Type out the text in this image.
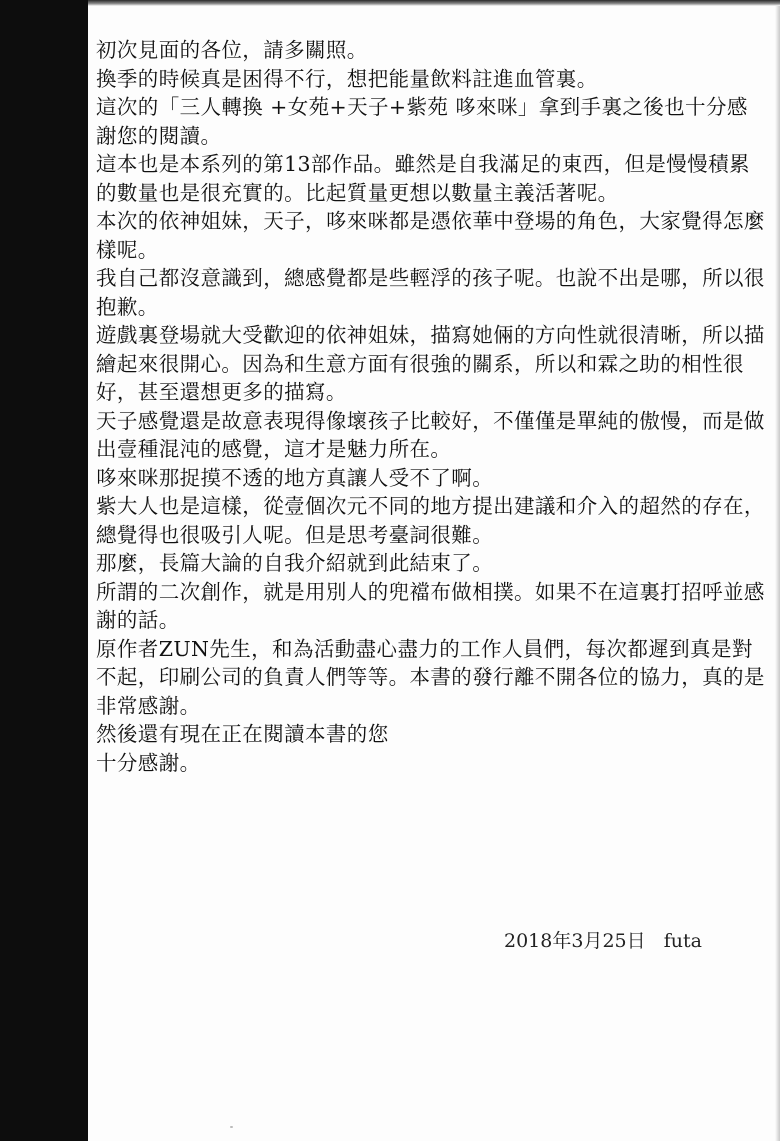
初次見面的各位，請多關照。

換季的時候真是困得不行，想把能量飲料註進血管裏。

這次的「三人轉換 +女苑+天子+紫苑 哆來咪」拿到手裏之後也十分感謝您的閱讀。

這本也是本系列的第13部作品。雖然是自我滿足的東西，但是慢慢積累的數量也是很充實的。比起質量更想以數量主義活著呢。

本次的依神姐妹，天子，哆來咪都是憑依華中登場的角色，大家覺得怎麼樣呢。

我自己都沒意識到，總感覺都是些輕浮的孩子呢。也說不出是哪，所以很抱歉。

遊戲裏登場就大受歡迎的依神姐妹，描寫她倆的方向性就很清晰，所以描繪起來很開心。因為和生意方面有很強的關系，所以和霖之助的相性很好，甚至還想更多的描寫。

天子感覺還是故意表現得像壞孩子比較好，不僅僅是單純的傲慢，而是做出壹種混沌的感覺，這才是魅力所在。

哆來咪那捉摸不透的地方真讓人受不了啊。

紫大人也是這樣，從壹個次元不同的地方提出建議和介入的超然的存在，總覺得也很吸引人呢。但是思考臺詞很難。

那麼，長篇大論的自我介紹就到此結束了。

所謂的二次創作，就是用別人的兜襠布做相撲。如果不在這裏打招呼並感謝的話。

原作者ZUN先生，和為活動盡心盡力的工作人員們，每次都遲到真是對不起，印刷公司的負責人們等等。本書的發行離不開各位的協力，真的是非常感謝。

然後還有現在正在閱讀本書的您

十分感謝。

2018年3月25日 futa
